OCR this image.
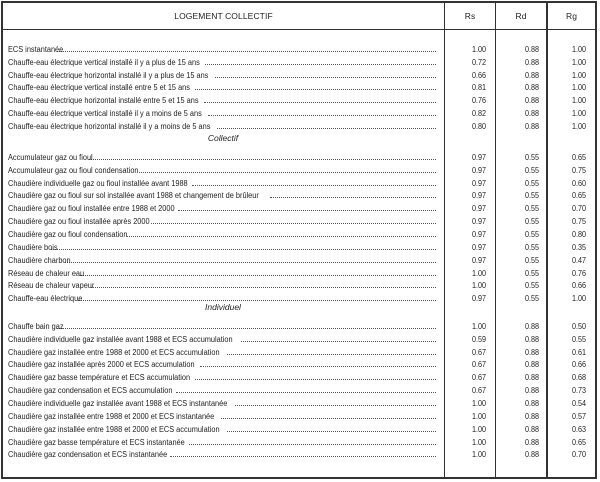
LOGEMENT COLLECTIF	Rs	Rd	Rg
ECS instantanée	1.00	0.88	1.00
Chauffe-eau électrique vertical installé il y a plus de 15 ans	0.72	0.88	1.00
Chauffe-eau électrique horizontal installé il y a plus de 15 ans	0.66	0.88	1.00
Chauffe-eau électrique vertical installé entre 5 et 15 ans	0.81	0.88	1.00
Chauffe-eau électrique horizontal installé entre 5 et 15 ans	0.76	0.88	1.00
Chauffe-eau électrique vertical installé il y a moins de 5 ans	0.82	0.88	1.00
Chauffe-eau électrique horizontal installé il y a moins de 5 ans	0.80	0.88	1.00
Collectif
Accumulateur gaz ou fioul	0.97	0.55	0.65
Accumulateur gaz ou fioul condensation	0.97	0.55	0.75
Chaudière individuelle gaz ou fioul installée avant 1988	0.97	0.55	0.60
Chaudière gaz ou fioul sur sol installée avant 1988 et changement de brûleur	0.97	0.55	0.65
Chaudière gaz ou fioul installée entre 1988 et 2000	0.97	0.55	0.70
Chaudière gaz ou fioul installée après 2000	0.97	0.55	0.75
Chaudière gaz ou fioul condensation	0.97	0.55	0.80
Chaudière bois	0.97	0.55	0.35
Chaudière charbon	0.97	0.55	0.47
Réseau de chaleur eau	1.00	0.55	0.76
Réseau de chaleur vapeur	1.00	0.55	0.66
Chauffe-eau électrique	0.97	0.55	1.00
Individuel
Chauffe bain gaz	1.00	0.88	0.50
Chaudière individuelle gaz installée avant 1988 et ECS accumulation	0.59	0.88	0.55
Chaudière gaz installée entre 1988 et 2000 et ECS accumulation	0.67	0.88	0.61
Chaudière gaz installée après 2000 et ECS accumulation	0.67	0.88	0.66
Chaudière gaz basse température et ECS accumulation	0.67	0.88	0.68
Chaudière gaz condensation et ECS accumulation	0.67	0.88	0.73
Chaudière individuelle gaz installée avant 1988 et ECS instantanée	1.00	0.88	0.54
Chaudière gaz installée entre 1988 et 2000 et ECS instantanée	1.00	0.88	0.57
Chaudière gaz installée entre 1988 et 2000 et ECS accumulation	1.00	0.88	0.63
Chaudière gaz basse température et ECS instantanée	1.00	0.88	0.65
Chaudière gaz condensation et ECS instantanée	1.00	0.88	0.70
